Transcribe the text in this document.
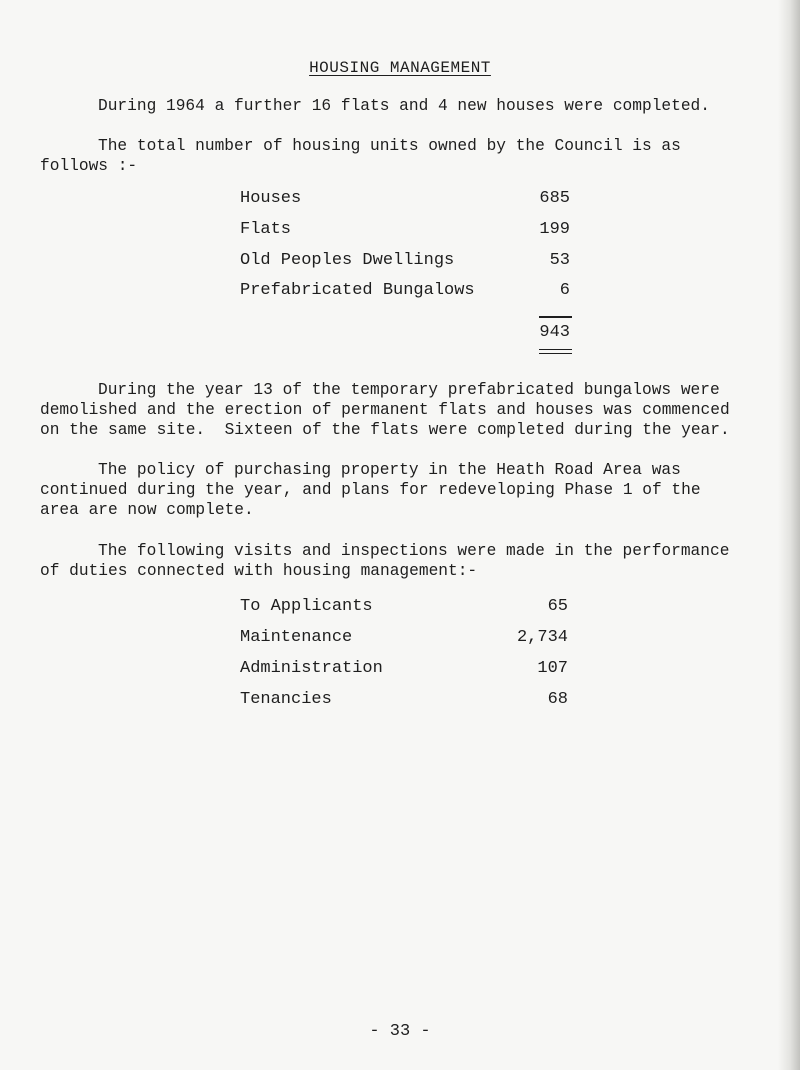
HOUSING MANAGEMENT
During 1964 a further 16 flats and 4 new houses were completed.
The total number of housing units owned by the Council is as
follows :-
Houses	685
Flats	199
Old Peoples Dwellings	53
Prefabricated Bungalows	6
943
During the year 13 of the temporary prefabricated bungalows were
demolished and the erection of permanent flats and houses was commenced
on the same site.  Sixteen of the flats were completed during the year.
The policy of purchasing property in the Heath Road Area was
continued during the year, and plans for redeveloping Phase 1 of the
area are now complete.
The following visits and inspections were made in the performance
of duties connected with housing management:-
To Applicants	65
Maintenance	2,734
Administration	107
Tenancies	68
- 33 -
